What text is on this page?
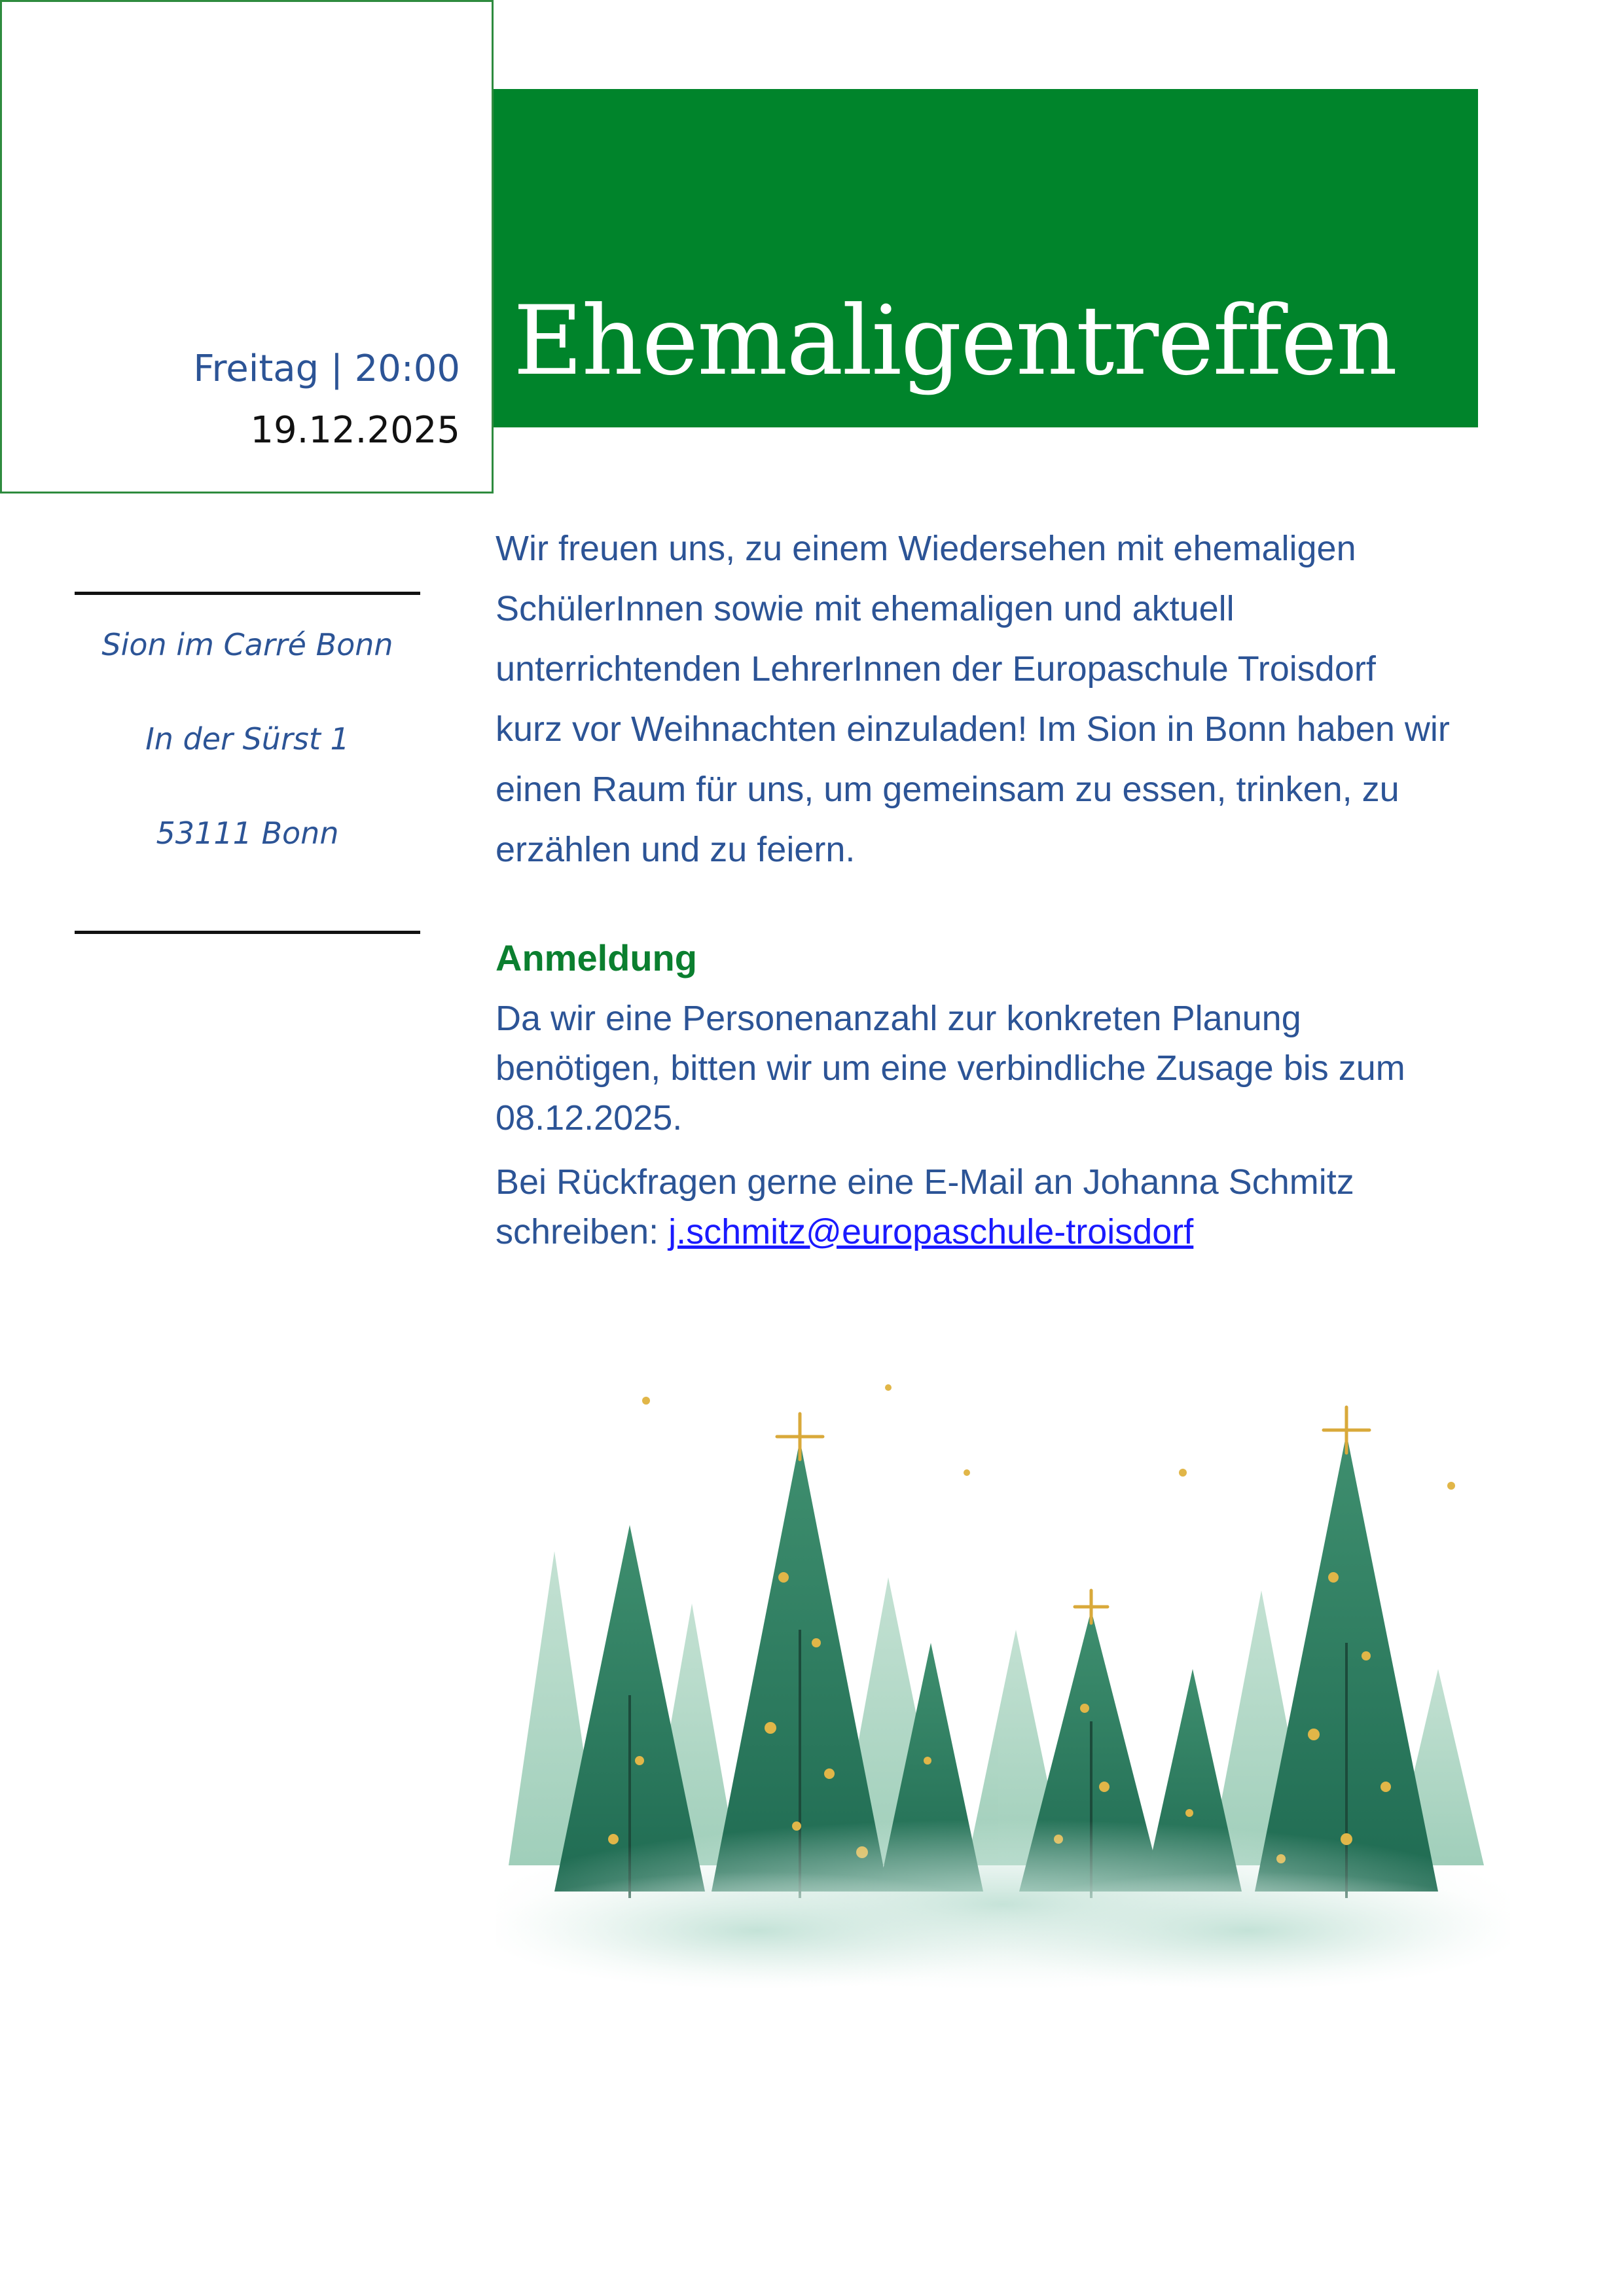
Freitag | 20:00
19.12.2025
Ehemaligentreffen
Sion im Carré Bonn
In der Sürst 1
53111 Bonn

Wir freuen uns, zu einem Wiedersehen mit ehemaligen
SchülerInnen sowie mit ehemaligen und aktuell
unterrichtenden LehrerInnen der Europaschule Troisdorf
kurz vor Weihnachten einzuladen! Im Sion in Bonn haben wir
einen Raum für uns, um gemeinsam zu essen, trinken, zu
erzählen und zu feiern.

Anmeldung

Da wir eine Personenanzahl zur konkreten Planung
benötigen, bitten wir um eine verbindliche Zusage bis zum
08.12.2025.

Bei Rückfragen gerne eine E-Mail an Johanna Schmitz
schreiben: j.schmitz@europaschule-troisdorf
